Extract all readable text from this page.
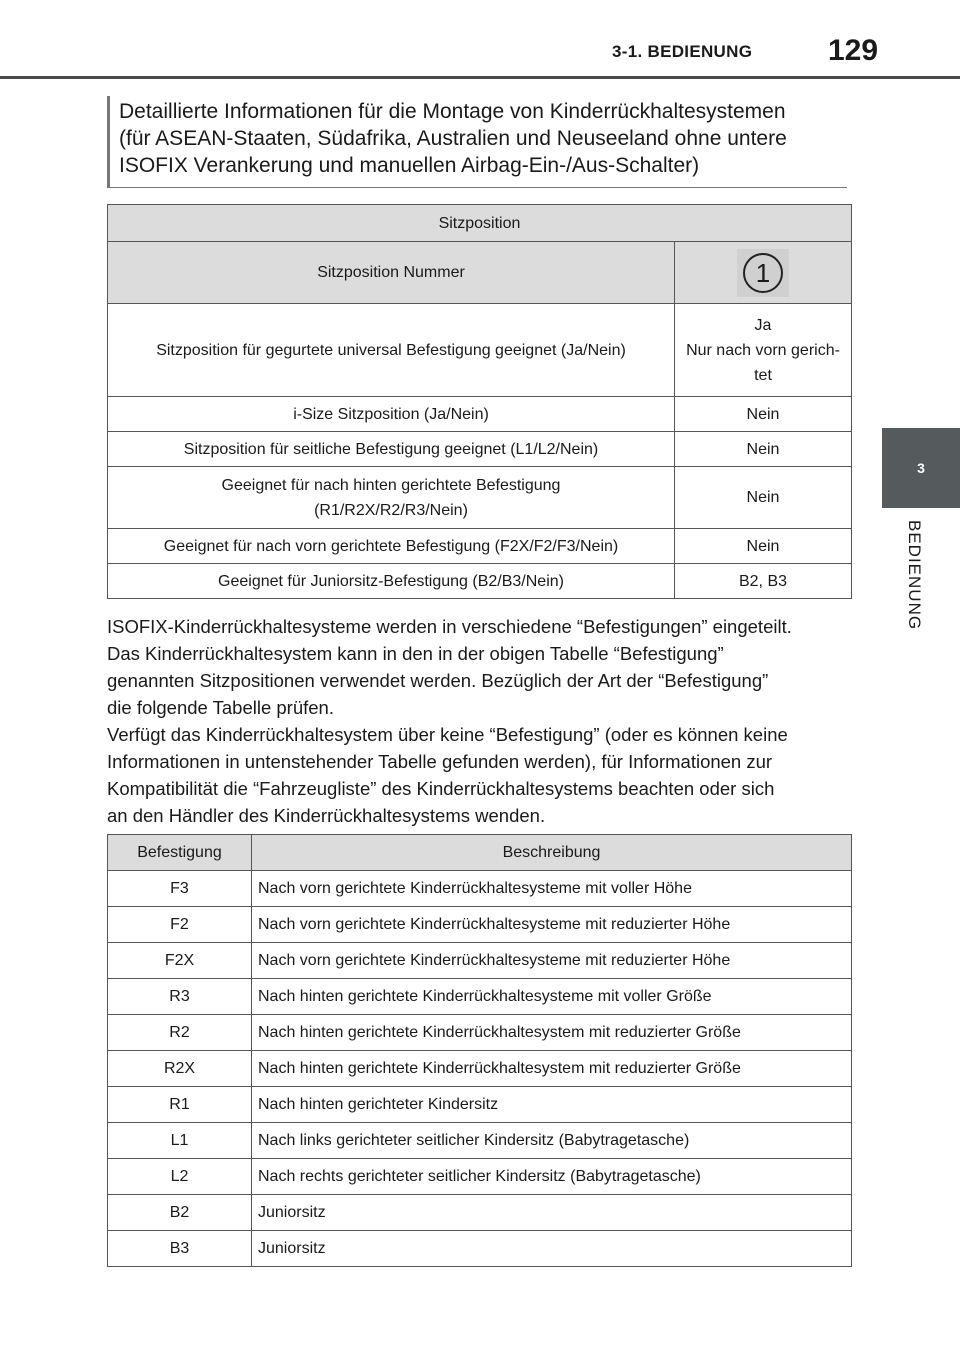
3-1. BEDIENUNG	129
3
BEDIENUNG
Detaillierte Informationen für die Montage von Kinderrückhaltesystemen
(für ASEAN-Staaten, Südafrika, Australien und Neuseeland ohne untere
ISOFIX Verankerung und manuellen Airbag-Ein-/Aus-Schalter)
Sitzposition	
Sitzposition Nummer	1

Sitzposition für gegurtete universal Befestigung geeignet (Ja/Nein)	Ja
Nur nach vorn gerich-
tet

i-Size Sitzposition (Ja/Nein)	Nein
Sitzposition für seitliche Befestigung geeignet (L1/L2/Nein)	Nein

Geeignet für nach hinten gerichtete Befestigung
(R1/R2X/R2/R3/Nein)	Nein
Geeignet für nach vorn gerichtete Befestigung (F2X/F2/F3/Nein)	Nein
Geeignet für Juniorsitz-Befestigung (B2/B3/Nein)	B2, B3

ISOFIX-Kinderrückhaltesysteme werden in verschiedene “Befestigungen” eingeteilt.

Das Kinderrückhaltesystem kann in den in der obigen Tabelle “Befestigung”

genannten Sitzpositionen verwendet werden. Bezüglich der Art der “Befestigung”

die folgende Tabelle prüfen.

Verfügt das Kinderrückhaltesystem über keine “Befestigung” (oder es können keine

Informationen in untenstehender Tabelle gefunden werden), für Informationen zur

Kompatibilität die “Fahrzeugliste” des Kinderrückhaltesystems beachten oder sich

an den Händler des Kinderrückhaltesystems wenden.

Befestigung	Beschreibung
F3	Nach vorn gerichtete Kinderrückhaltesysteme mit voller Höhe
F2	Nach vorn gerichtete Kinderrückhaltesysteme mit reduzierter Höhe
F2X	Nach vorn gerichtete Kinderrückhaltesysteme mit reduzierter Höhe
R3	Nach hinten gerichtete Kinderrückhaltesysteme mit voller Größe
R2	Nach hinten gerichtete Kinderrückhaltesystem mit reduzierter Größe
R2X	Nach hinten gerichtete Kinderrückhaltesystem mit reduzierter Größe
R1	Nach hinten gerichteter Kindersitz
L1	Nach links gerichteter seitlicher Kindersitz (Babytragetasche)
L2	Nach rechts gerichteter seitlicher Kindersitz (Babytragetasche)
B2	Juniorsitz
B3	Juniorsitz
